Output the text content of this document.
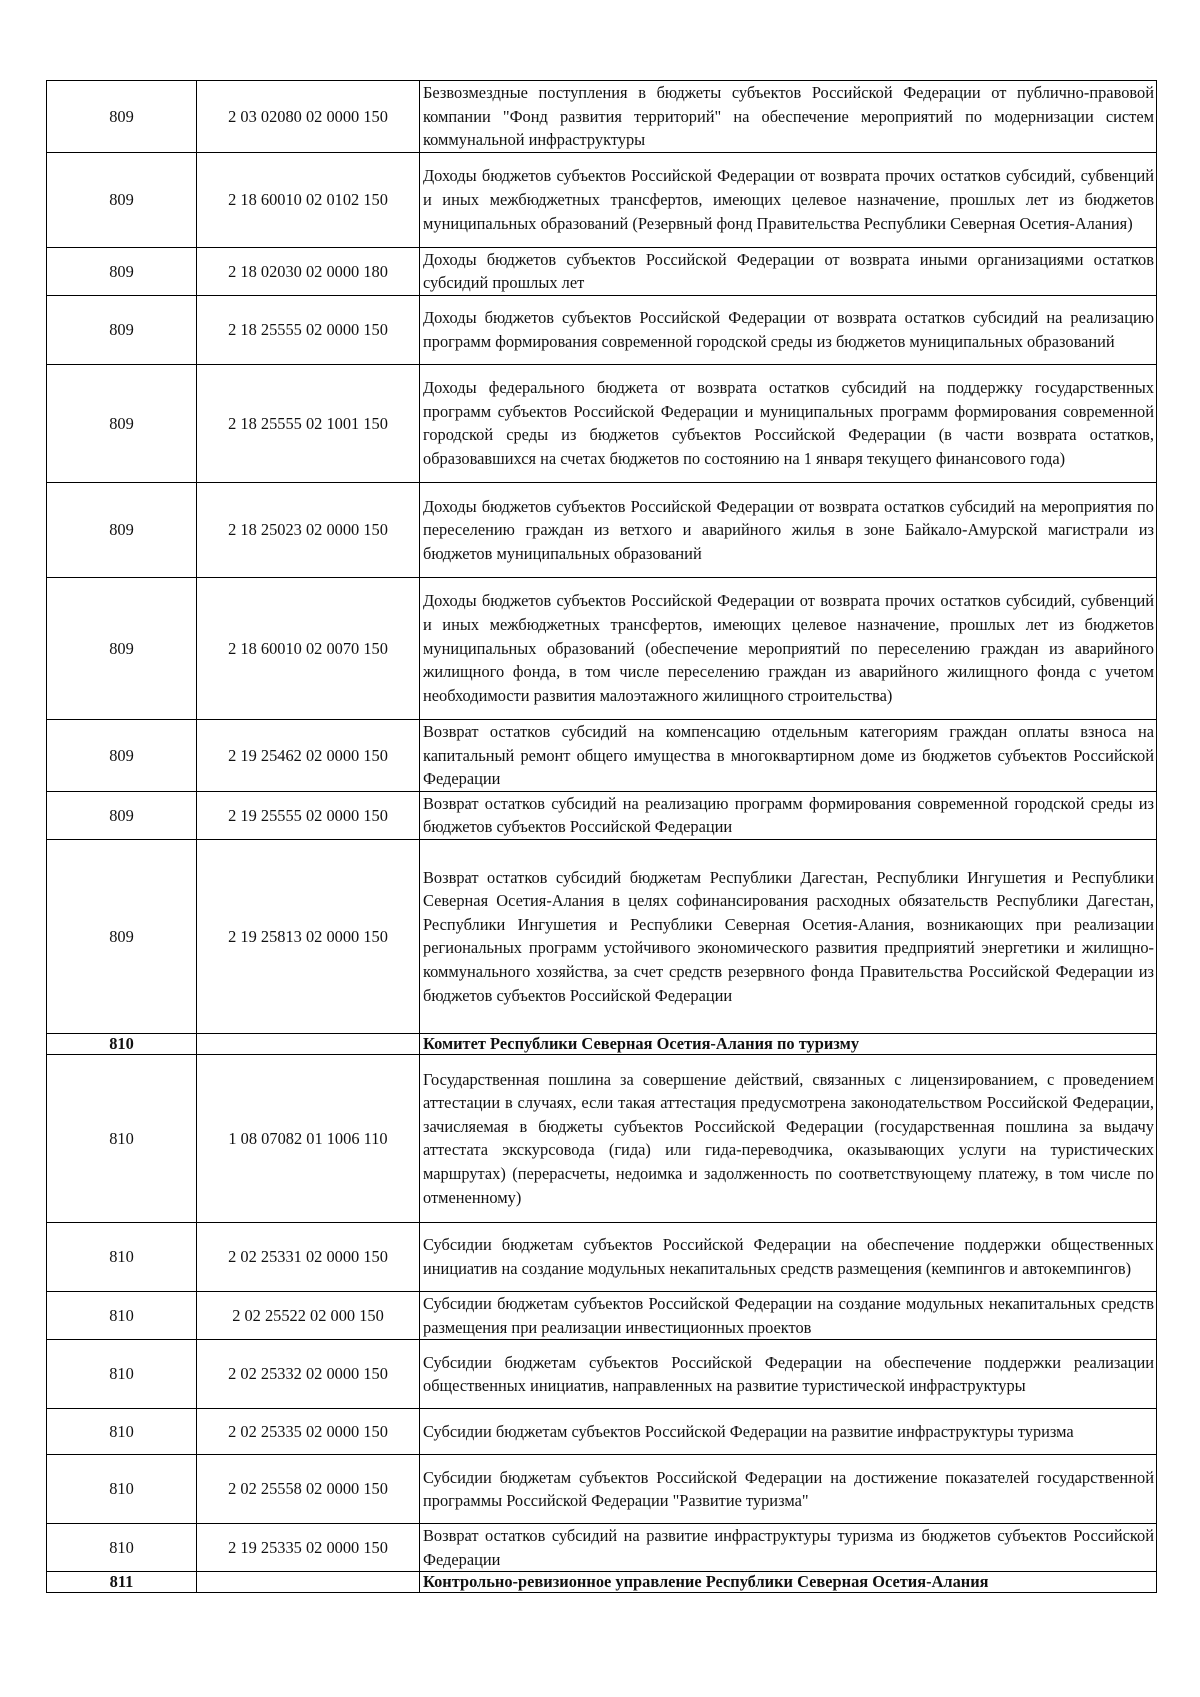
809	2 03 02080 02 0000 150	Безвозмездные поступления в бюджеты субъектов Российской Федерации от публично-правовой компании "Фонд развития территорий" на обеспечение мероприятий по модернизации систем коммунальной инфраструктуры
809	2 18 60010 02 0102 150	Доходы бюджетов субъектов Российской Федерации от возврата прочих остатков субсидий, субвенций и иных межбюджетных трансфертов, имеющих целевое назначение, прошлых лет из бюджетов муниципальных образований (Резервный фонд Правительства Республики Северная Осетия-Алания)
809	2 18 02030 02 0000 180	Доходы бюджетов субъектов Российской Федерации от возврата иными организациями остатков субсидий прошлых лет
809	2 18 25555 02 0000 150	Доходы бюджетов субъектов Российской Федерации от возврата остатков субсидий на реализацию программ формирования современной городской среды из бюджетов муниципальных образований
809	2 18 25555 02 1001 150	Доходы федерального бюджета от возврата остатков субсидий на поддержку государственных программ субъектов Российской Федерации и муниципальных программ формирования современной городской среды из бюджетов субъектов Российской Федерации (в части возврата остатков, образовавшихся на счетах бюджетов по состоянию на 1 января текущего финансового года)
809	2 18 25023 02 0000 150	Доходы бюджетов субъектов Российской Федерации от возврата остатков субсидий на мероприятия по переселению граждан из ветхого и аварийного жилья в зоне Байкало-Амурской магистрали из бюджетов муниципальных образований
809	2 18 60010 02 0070 150	Доходы бюджетов субъектов Российской Федерации от возврата прочих остатков субсидий, субвенций и иных межбюджетных трансфертов, имеющих целевое назначение, прошлых лет из бюджетов муниципальных образований (обеспечение мероприятий по переселению граждан из аварийного жилищного фонда, в том числе переселению граждан из аварийного жилищного фонда с учетом необходимости развития малоэтажного жилищного строительства)
809	2 19 25462 02 0000 150	Возврат остатков субсидий на компенсацию отдельным категориям граждан оплаты взноса на капитальный ремонт общего имущества в многоквартирном доме из бюджетов субъектов Российской Федерации
809	2 19 25555 02 0000 150	Возврат остатков субсидий на реализацию программ формирования современной городской среды из бюджетов субъектов Российской Федерации
809	2 19 25813 02 0000 150	Возврат остатков субсидий бюджетам Республики Дагестан, Республики Ингушетия и Республики Северная Осетия-Алания в целях софинансирования расходных обязательств Республики Дагестан, Республики Ингушетия и Республики Северная Осетия-Алания, возникающих при реализации региональных программ устойчивого экономического развития предприятий энергетики и жилищно-коммунального хозяйства, за счет средств резервного фонда Правительства Российской Федерации из бюджетов субъектов Российской Федерации
810		Комитет Республики Северная Осетия-Алания по туризму
810	1 08 07082 01 1006 110	Государственная пошлина за совершение действий, связанных с лицензированием, с проведением аттестации в случаях, если такая аттестация предусмотрена законодательством Российской Федерации, зачисляемая в бюджеты субъектов Российской Федерации (государственная пошлина за выдачу аттестата экскурсовода (гида) или гида-переводчика, оказывающих услуги на туристических маршрутах) (перерасчеты, недоимка и задолженность по соответствующему платежу, в том числе по отмененному)
810	2 02 25331 02 0000 150	Субсидии бюджетам субъектов Российской Федерации на обеспечение поддержки общественных инициатив на создание модульных некапитальных средств размещения (кемпингов и автокемпингов)
810	2 02 25522 02 000 150	Субсидии бюджетам субъектов Российской Федерации на создание модульных некапитальных средств размещения при реализации инвестиционных проектов
810	2 02 25332 02 0000 150	Субсидии бюджетам субъектов Российской Федерации на обеспечение поддержки реализации общественных инициатив, направленных на развитие туристической инфраструктуры
810	2 02 25335 02 0000 150	Субсидии бюджетам субъектов Российской Федерации на развитие инфраструктуры туризма
810	2 02 25558 02 0000 150	Субсидии бюджетам субъектов Российской Федерации на достижение показателей государственной программы Российской Федерации "Развитие туризма"
810	2 19 25335 02 0000 150	Возврат остатков субсидий на развитие инфраструктуры туризма из бюджетов субъектов Российской Федерации
811		Контрольно-ревизионное управление Республики Северная Осетия-Алания
